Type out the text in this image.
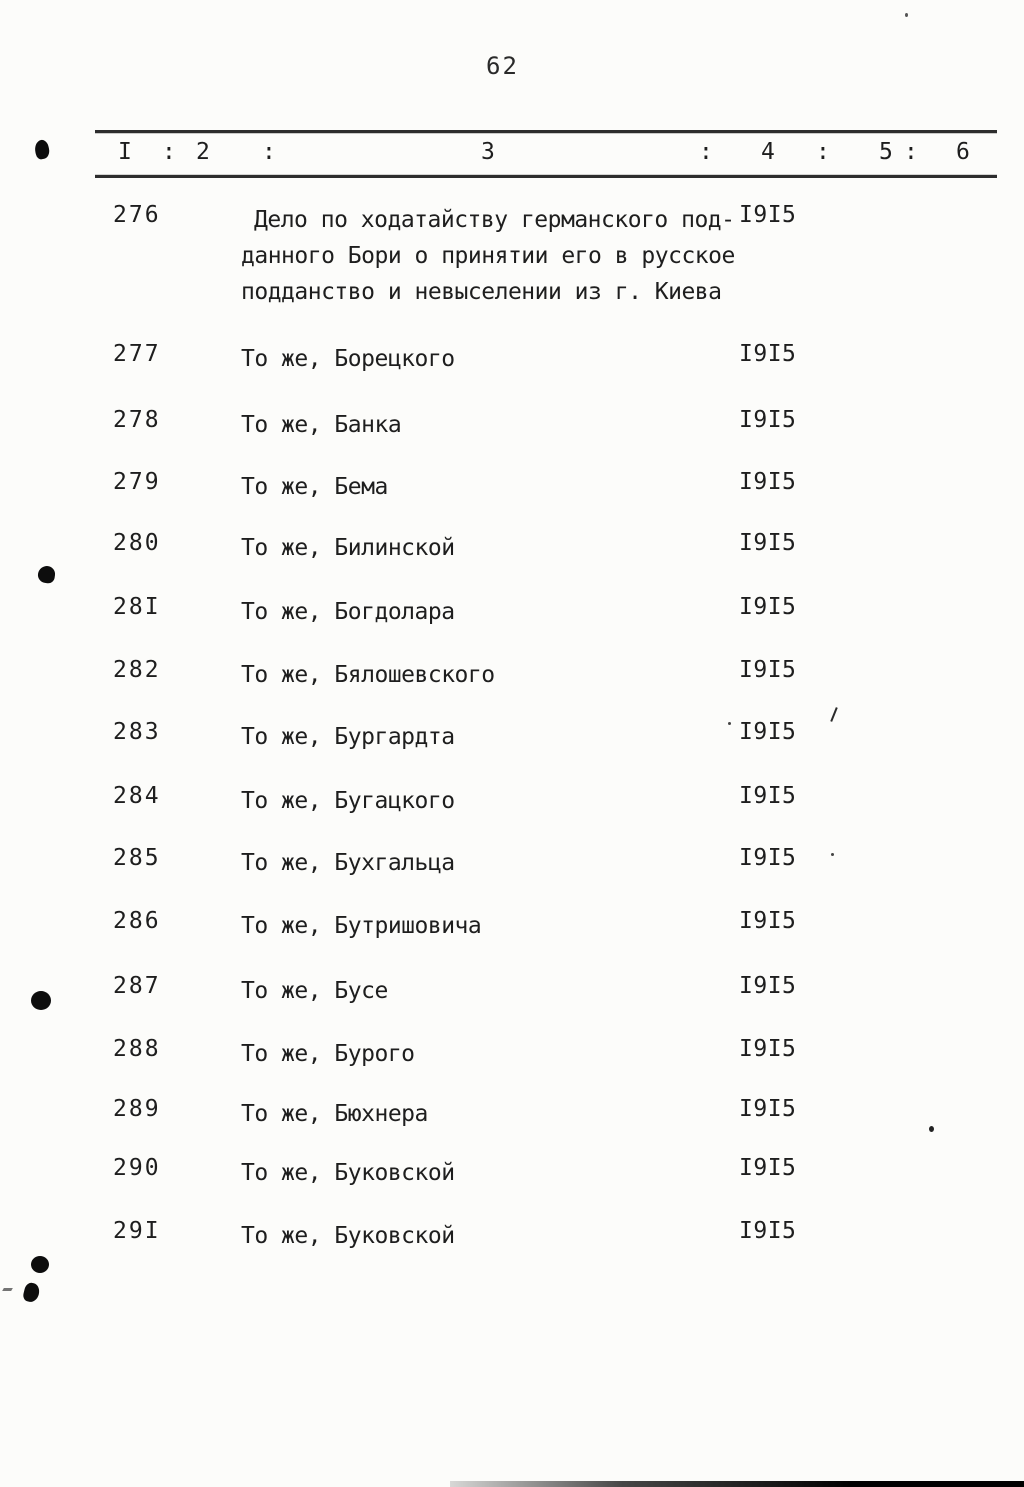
62
I : 2 :	3	: 4 : 5 : 6
276	Дело по ходатайству германского под-
данного Бори о принятии его в русское
подданство и невыселении из г. Киева
I9I5
277	То же, Борецкого	I9I5
278	То же, Банка	I9I5
279	То же, Бема	I9I5
280	То же, Билинской	I9I5
28I	То же, Богдолара	I9I5
282	То же, Бялошевского	I9I5
283	То же, Бургардта	I9I5
284	То же, Бугацкого	I9I5
285	То же, Бухгальца	I9I5
286	То же, Бутришовича	I9I5
287	То же, Бусе	I9I5
288	То же, Бурого	I9I5
289	То же, Бюхнера	I9I5
290	То же, Буковской	I9I5
29I	То же, Буковской	I9I5
